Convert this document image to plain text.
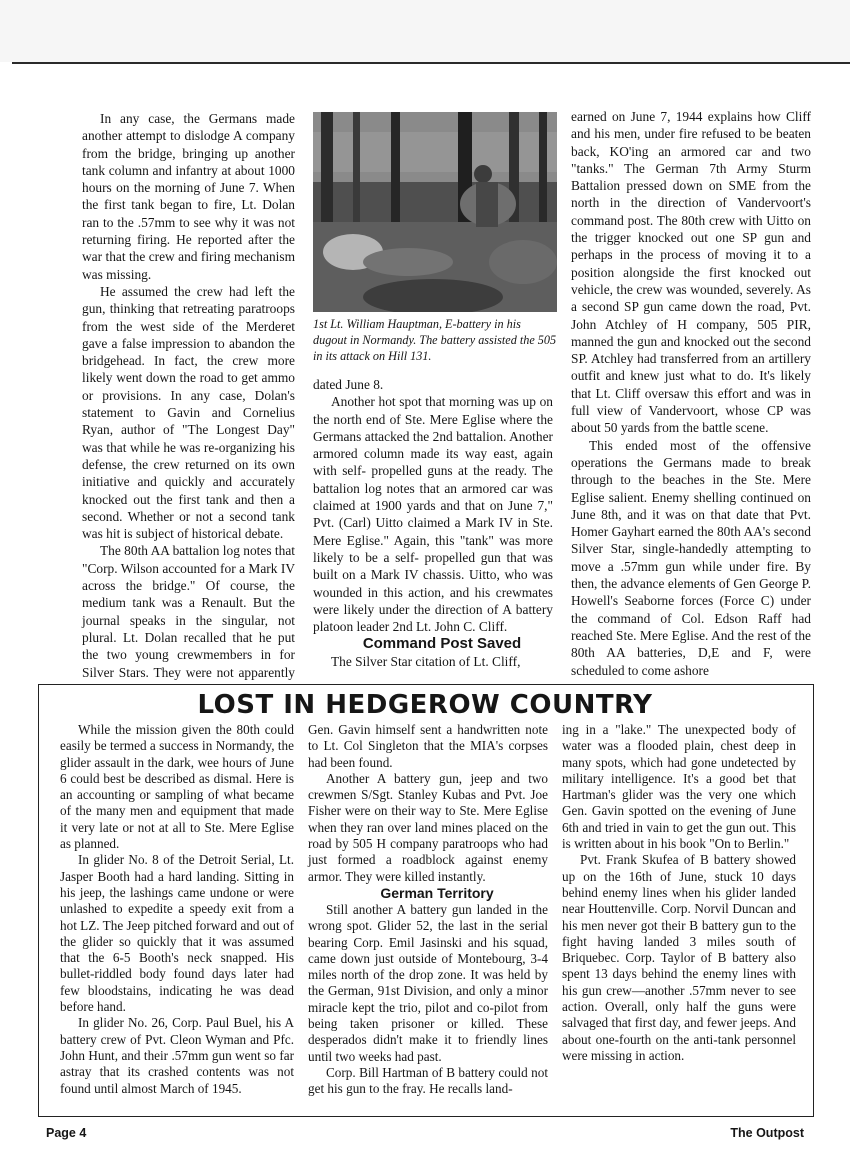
In any case, the Germans made another attempt to dislodge A company from the bridge, bringing up another tank column and infantry at about 1000 hours on the morning of June 7. When the first tank began to fire, Lt. Dolan ran to the .57mm to see why it was not returning firing. He reported after the war that the crew and firing mechanism was missing.

He assumed the crew had left the gun, thinking that retreating paratroops from the west side of the Merderet gave a false impression to abandon the bridgehead. In fact, the crew more likely went down the road to get ammo or provisions. In any case, Dolan's statement to Gavin and Cornelius Ryan, author of "The Longest Day" was that while he was re-organizing his defense, the crew returned on its own initiative and quickly and accurately knocked out the first tank and then a second. Whether or not a second tank was hit is subject of historical debate.

The 80th AA battalion log notes that "Corp. Wilson accounted for a Mark IV across the bridge." Of course, the medium tank was a Renault. But the journal speaks in the singular, not plural. Lt. Dolan recalled that he put the two young crewmembers in for Silver Stars. They were not apparently

1st Lt. William Hauptman, E-battery in his dugout in Normandy. The battery assisted the 505 in its attack on Hill 131.

dated June 8.

Another hot spot that morning was up on the north end of Ste. Mere Eglise where the Germans attacked the 2nd battalion. Another armored column made its way east, again with self- propelled guns at the ready. The battalion log notes that an armored car was claimed at 1900 yards and that on June 7," Pvt. (Carl) Uitto claimed a Mark IV in Ste. Mere Eglise." Again, this "tank" was more likely to be a self- propelled gun that was built on a Mark IV chassis. Uitto, who was wounded in this action, and his crewmates were likely under the direction of A battery platoon leader 2nd Lt. John C. Cliff.

Command Post Saved

The Silver Star citation of Lt. Cliff,

earned on June 7, 1944 explains how Cliff and his men, under fire refused to be beaten back, KO'ing an armored car and two "tanks." The German 7th Army Sturm Battalion pressed down on SME from the north in the direction of Vandervoort's command post. The 80th crew with Uitto on the trigger knocked out one SP gun and perhaps in the process of moving it to a position alongside the first knocked out vehicle, the crew was wounded, severely. As a second SP gun came down the road, Pvt. John Atchley of H company, 505 PIR, manned the gun and knocked out the second SP. Atchley had transferred from an artillery outfit and knew just what to do. It's likely that Lt. Cliff oversaw this effort and was in full view of Vandervoort, whose CP was about 50 yards from the battle scene.

This ended most of the offensive operations the Germans made to break through to the beaches in the Ste. Mere Eglise salient. Enemy shelling continued on June 8th, and it was on that date that Pvt. Homer Gayhart earned the 80th AA's second Silver Star, single-handedly attempting to move a .57mm gun while under fire. By then, the advance elements of Gen George P. Howell's Seaborne forces (Force C) under the command of Col. Edson Raff had reached Ste. Mere Eglise. And the rest of the 80th AA batteries, D,E and F, were scheduled to come ashore

LOST IN HEDGEROW COUNTRY

While the mission given the 80th could easily be termed a success in Normandy, the glider assault in the dark, wee hours of June 6 could best be described as dismal. Here is an accounting or sampling of what became of the many men and equipment that made it very late or not at all to Ste. Mere Eglise as planned.

In glider No. 8 of the Detroit Serial, Lt. Jasper Booth had a hard landing. Sitting in his jeep, the lashings came undone or were unlashed to expedite a speedy exit from a hot LZ. The Jeep pitched forward and out of the glider so quickly that it was assumed that the 6-5 Booth's neck snapped. His bullet-riddled body found days later had few bloodstains, indicating he was dead before hand.

In glider No. 26, Corp. Paul Buel, his A battery crew of Pvt. Cleon Wyman and Pfc. John Hunt, and their .57mm gun went so far astray that its crashed contents was not found until almost March of 1945.

Gen. Gavin himself sent a handwritten note to Lt. Col Singleton that the MIA's corpses had been found.

Another A battery gun, jeep and two crewmen S/Sgt. Stanley Kubas and Pvt. Joe Fisher were on their way to Ste. Mere Eglise when they ran over land mines placed on the road by 505 H company paratroops who had just formed a roadblock against enemy armor. They were killed instantly.

German Territory

Still another A battery gun landed in the wrong spot. Glider 52, the last in the serial bearing Corp. Emil Jasinski and his squad, came down just outside of Montebourg, 3-4 miles north of the drop zone. It was held by the German, 91st Division, and only a minor miracle kept the trio, pilot and co-pilot from being taken prisoner or killed. These desperados didn't make it to friendly lines until two weeks had past.

Corp. Bill Hartman of B battery could not get his gun to the fray. He recalls land-

ing in a "lake." The unexpected body of water was a flooded plain, chest deep in many spots, which had gone undetected by military intelligence. It's a good bet that Hartman's glider was the very one which Gen. Gavin spotted on the evening of June 6th and tried in vain to get the gun out. This is written about in his book "On to Berlin."

Pvt. Frank Skufea of B battery showed up on the 16th of June, stuck 10 days behind enemy lines when his glider landed near Houttenville. Corp. Norvil Duncan and his men never got their B battery gun to the fight having landed 3 miles south of Briquebec. Corp. Taylor of B battery also spent 13 days behind the enemy lines with his gun crew—another .57mm never to see action. Overall, only half the guns were salvaged that first day, and fewer jeeps. And about one-fourth on the anti-tank personnel were missing in action.

Page 4	The Outpost
